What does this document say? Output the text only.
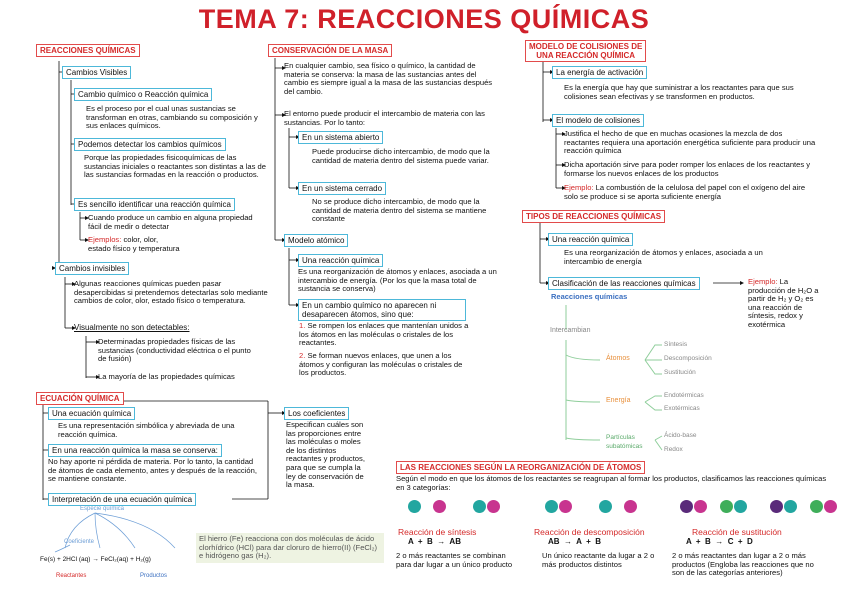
TEMA 7: REACCIONES QUÍMICAS
REACCIONES QUÍMICAS
Cambios Visibles
Cambio químico o Reacción química
Es el proceso por el cual unas sustancias se transforman en otras, cambiando su composición y sus enlaces químicos.
Podemos detectar los cambios químicos
Porque las propiedades fisicoquímicas de las sustancias iniciales o reactantes son distintas a las de las sustancias formadas en la reacción o productos.
Es sencillo identificar una reacción química
Cuando produce un cambio en alguna propiedad fácil de medir o detectar
Ejemplos: color, olor,
estado físico y temperatura
Cambios invisibles
Algunas reacciones químicas pueden pasar desapercibidas si pretendemos detectarlas solo mediante cambios de color, olor, estado físico o temperatura.
Visualmente no son detectables:
Determinadas propiedades físicas de las sustancias (conductividad eléctrica o el punto de fusión)
La mayoría de las propiedades químicas
ECUACIÓN QUÍMICA
Una ecuación química
Es una representación simbólica y abreviada de una reacción química.
En una reacción química la masa se conserva:
No hay aporte ni pérdida de materia. Por lo tanto, la cantidad de átomos de cada elemento, antes y después de la reacción, se mantiene constante.
Interpretación de una ecuación química
Los coeficientes
Especifican cuáles son las proporciones entre las moléculas o moles de los distintos reactantes y productos, para que se cumpla la ley de conservación de la masa.
Especie química
Coeficiente
Fe(s) + 2HCl (aq) → FeCl₂(aq) + H₂(g)
Reactantes	Productos
El hierro (Fe) reacciona con dos moléculas de ácido clorhídrico (HCl) para dar cloruro de hierro(II) (FeCl₂) e hidrógeno gas (H₂).
CONSERVACIÓN DE LA MASA
En cualquier cambio, sea físico o químico, la cantidad de materia se conserva: la masa de las sustancias antes del cambio es siempre igual a la masa de las sustancias después del cambio.
El entorno puede producir el intercambio de materia con las sustancias. Por lo tanto:
En un sistema abierto
Puede producirse dicho intercambio, de modo que la cantidad de materia dentro del sistema puede variar.
En un sistema cerrado
No se produce dicho intercambio, de modo que la cantidad de materia dentro del sistema se mantiene constante
Modelo atómico
Una reacción química
Es una reorganización de átomos y enlaces, asociada a un intercambio de energía. (Por los que la masa total de sustancia se conserva)
En un cambio químico no aparecen ni desaparecen átomos, sino que:
1. Se rompen los enlaces que mantenían unidos a los átomos en las moléculas o cristales de los reactantes.
2. Se forman nuevos enlaces, que unen a los átomos y configuran las moléculas o cristales de los productos.
MODELO DE COLISIONES DE
UNA REACCIÓN QUÍMICA
La energía de activación
Es la energía que hay que suministrar a los reactantes para que sus colisiones sean efectivas y se transformen en productos.
El modelo de colisiones
Justifica el hecho de que en muchas ocasiones la mezcla de dos reactantes requiera una aportación energética suficiente para producir una reacción química
Dicha aportación sirve para poder romper los enlaces de los reactantes y formarse los nuevos enlaces de los productos
Ejemplo: La combustión de la celulosa del papel con el oxígeno del aire solo se produce si se aporta suficiente energía
TIPOS DE REACCIONES QUÍMICAS
Una reacción química
Es una reorganización de átomos y enlaces, asociada a un intercambio de energía
Clasificación de las reacciones químicas	Ejemplo: La producción de H₂O a partir de H₂ y O₂ es una reacción de síntesis, redox y exotérmica
Reacciones químicas
Intercambian
Átomos
Energía
Partículas subatómicas
Síntesis
Descomposición
Sustitución
Endotérmicas
Exotérmicas
Ácido-base
Redox
LAS REACCIONES SEGÚN LA REORGANIZACIÓN DE ÁTOMOS
Según el modo en que los átomos de los reactantes se reagrupan al formar los productos, clasificamos las reacciones químicas en 3 categorías:

Reacción de síntesis
A  +  B  →  AB
2 o más reactantes se combinan para dar lugar a un único producto

Reacción de descomposición
AB  →  A  +  B
Un único reactante da lugar a 2 o más productos distintos

Reacción de sustitución
A  +  B  →  C  +  D
2 o más reactantes dan lugar a 2 o más productos (Engloba las reacciones que no son de las categorías anteriores)
